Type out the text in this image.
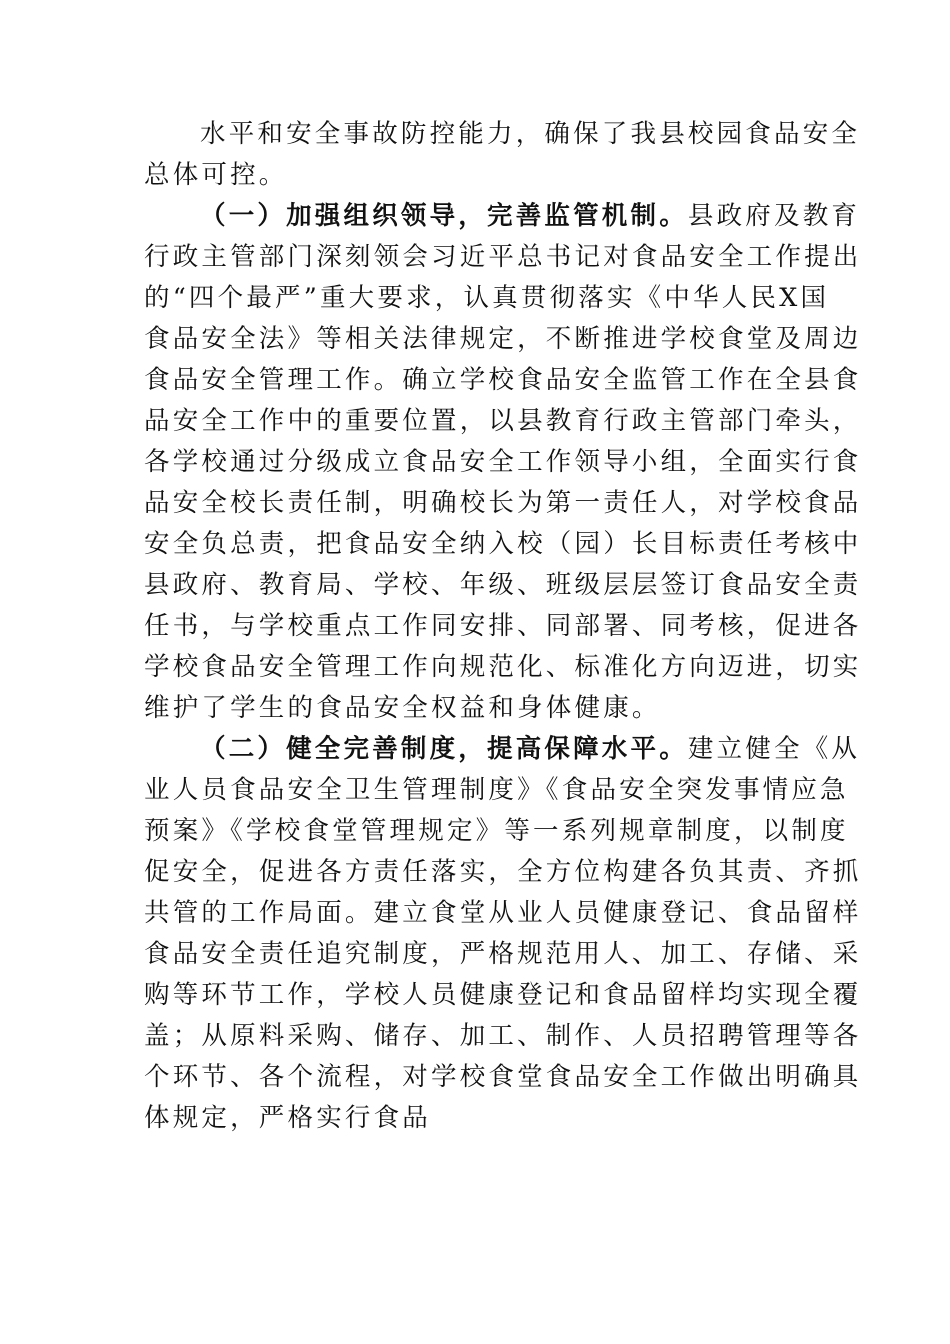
水平和安全事故防控能力，确保了我县校园食品安全
总体可控。
（一）加强组织领导，完善监管机制。县政府及教育
行政主管部门深刻领会习近平总书记对食品安全工作提出
的“四个最严”重大要求，认真贯彻落实《中华人民X国
食品安全法》等相关法律规定，不断推进学校食堂及周边
食品安全管理工作。确立学校食品安全监管工作在全县食
品安全工作中的重要位置，以县教育行政主管部门牵头，
各学校通过分级成立食品安全工作领导小组，全面实行食
品安全校长责任制，明确校长为第一责任人，对学校食品
安全负总责，把食品安全纳入校（园）长目标责任考核中
县政府、教育局、学校、年级、班级层层签订食品安全责
任书，与学校重点工作同安排、同部署、同考核，促进各
学校食品安全管理工作向规范化、标准化方向迈进，切实
维护了学生的食品安全权益和身体健康。
（二）健全完善制度，提高保障水平。建立健全《从
业人员食品安全卫生管理制度》《食品安全突发事情应急
预案》《学校食堂管理规定》等一系列规章制度，以制度
促安全，促进各方责任落实，全方位构建各负其责、齐抓
共管的工作局面。建立食堂从业人员健康登记、食品留样
食品安全责任追究制度，严格规范用人、加工、存储、采
购等环节工作，学校人员健康登记和食品留样均实现全覆
盖；从原料采购、储存、加工、制作、人员招聘管理等各
个环节、各个流程，对学校食堂食品安全工作做出明确具
体规定，严格实行食品
